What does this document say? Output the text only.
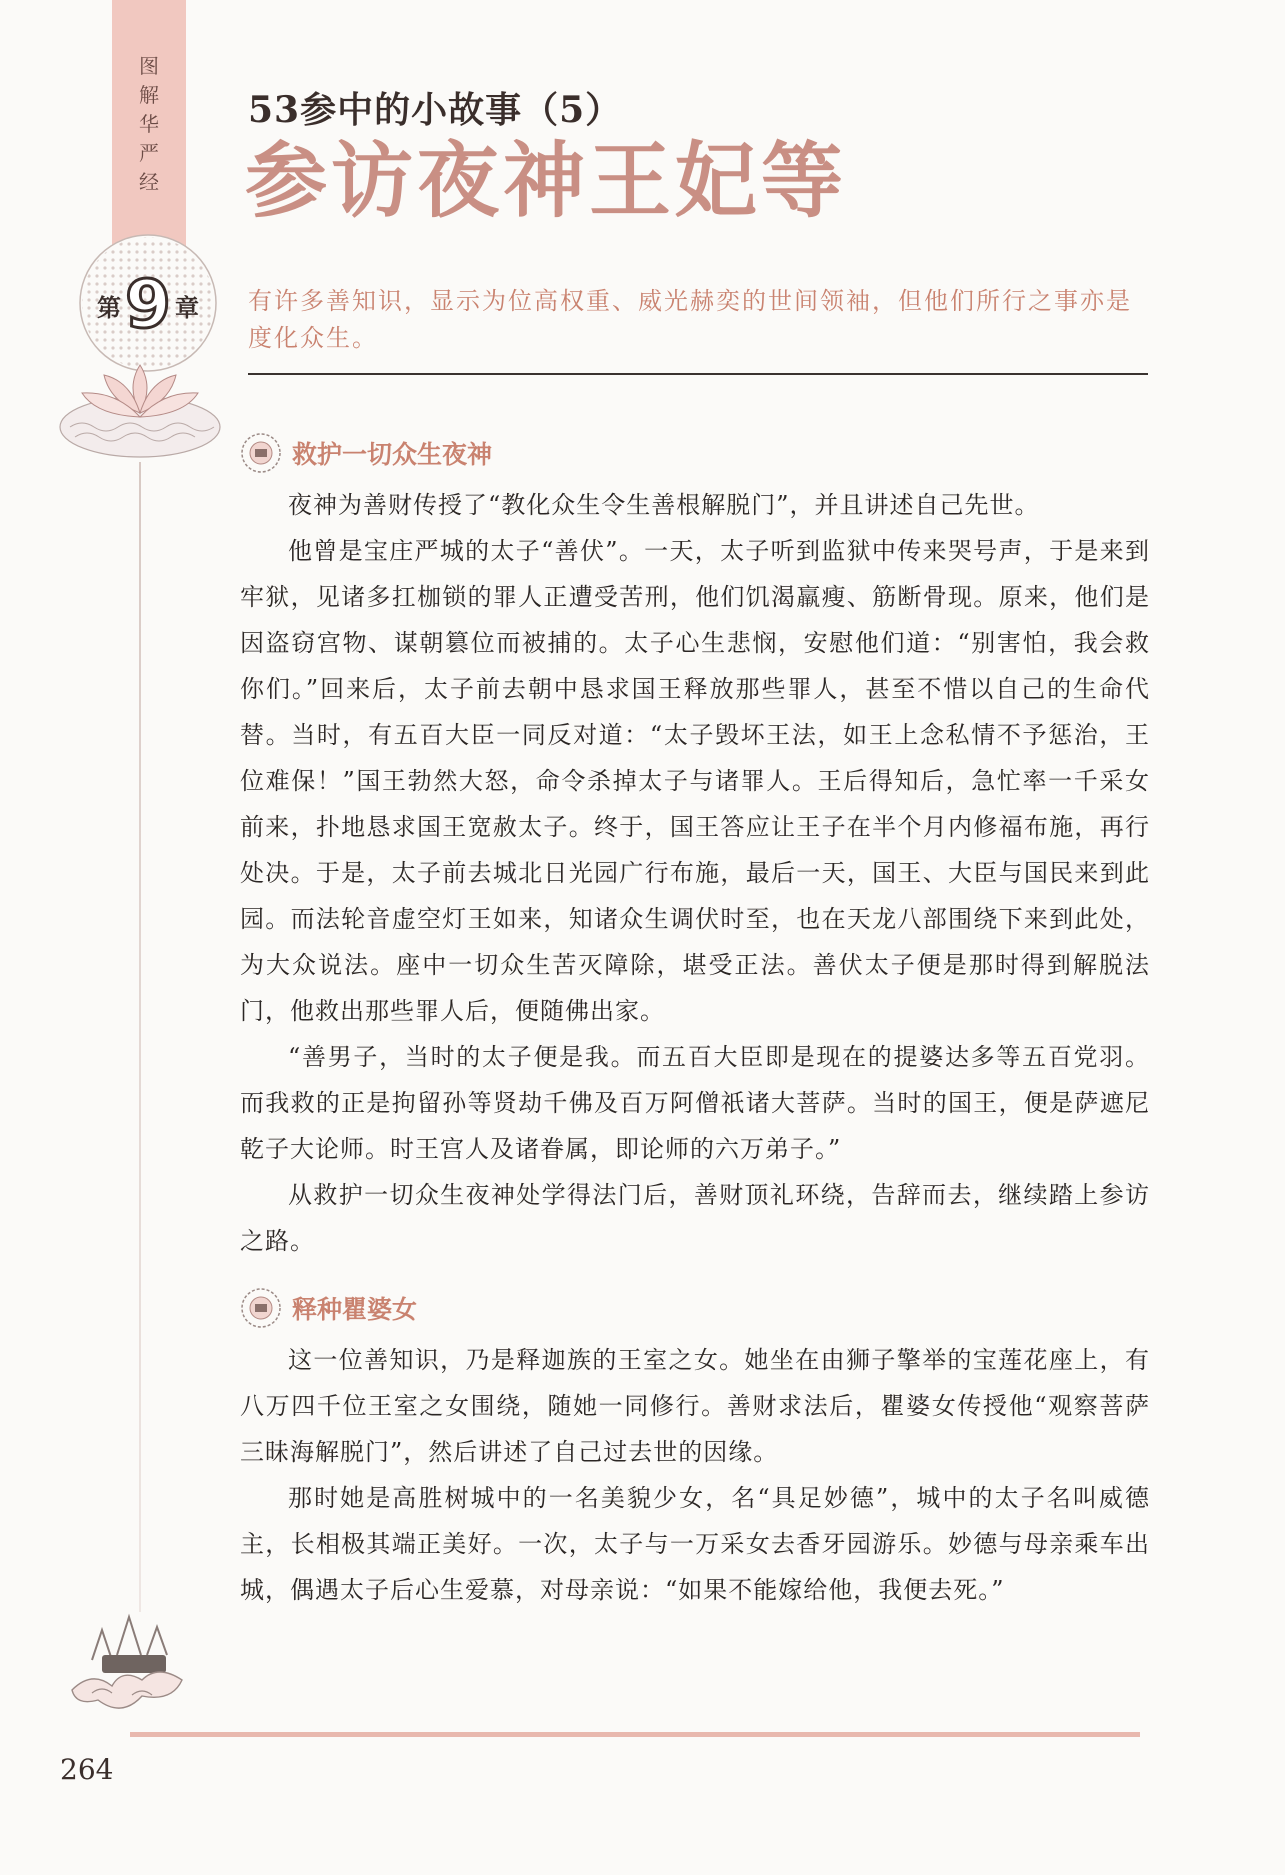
图
解
华
严
经
第 9 章
53参中的小故事（5）
参访夜神王妃等
有许多善知识，显示为位高权重、威光赫奕的世间领袖，但他们所行之事亦是度化众生。
救护一切众生夜神

夜神为善财传授了“教化众生令生善根解脱门”，并且讲述自己先世。

他曾是宝庄严城的太子“善伏”。一天，太子听到监狱中传来哭号声，于是来到牢狱，见诸多扛枷锁的罪人正遭受苦刑，他们饥渴羸瘦、筋断骨现。原来，他们是因盗窃宫物、谋朝篡位而被捕的。太子心生悲悯，安慰他们道：“别害怕，我会救你们。”回来后，太子前去朝中恳求国王释放那些罪人，甚至不惜以自己的生命代替。当时，有五百大臣一同反对道：“太子毁坏王法，如王上念私情不予惩治，王位难保！”国王勃然大怒，命令杀掉太子与诸罪人。王后得知后，急忙率一千采女前来，扑地恳求国王宽赦太子。终于，国王答应让王子在半个月内修福布施，再行处决。于是，太子前去城北日光园广行布施，最后一天，国王、大臣与国民来到此园。而法轮音虚空灯王如来，知诸众生调伏时至，也在天龙八部围绕下来到此处，为大众说法。座中一切众生苦灭障除，堪受正法。善伏太子便是那时得到解脱法门，他救出那些罪人后，便随佛出家。

“善男子，当时的太子便是我。而五百大臣即是现在的提婆达多等五百党羽。而我救的正是拘留孙等贤劫千佛及百万阿僧祇诸大菩萨。当时的国王，便是萨遮尼乾子大论师。时王宫人及诸眷属，即论师的六万弟子。”

从救护一切众生夜神处学得法门后，善财顶礼环绕，告辞而去，继续踏上参访之路。

释种瞿婆女

这一位善知识，乃是释迦族的王室之女。她坐在由狮子擎举的宝莲花座上，有八万四千位王室之女围绕，随她一同修行。善财求法后，瞿婆女传授他“观察菩萨三昧海解脱门”，然后讲述了自己过去世的因缘。

那时她是高胜树城中的一名美貌少女，名“具足妙德”，城中的太子名叫威德主，长相极其端正美好。一次，太子与一万采女去香牙园游乐。妙德与母亲乘车出城，偶遇太子后心生爱慕，对母亲说：“如果不能嫁给他，我便去死。”

264
